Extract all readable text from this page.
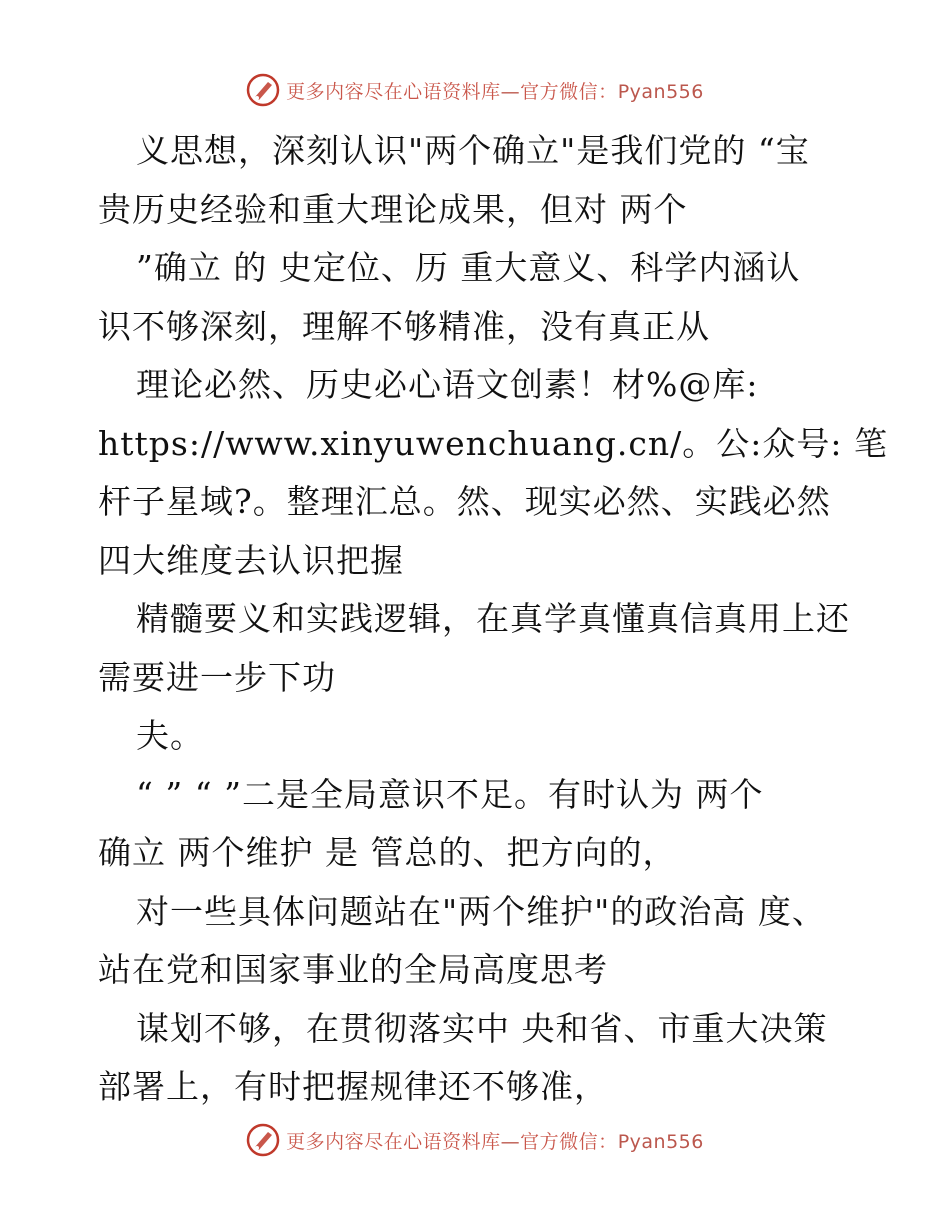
更多内容尽在心语资料库—官方微信：Pyan556
义思想，深刻认识"两个确立"是我们党的 “宝
贵历史经验和重大理论成果，但对 两个
”确立 的 史定位、历 重大意义、科学内涵认
识不够深刻，理解不够精准，没有真正从
理论必然、历史必心语文创素！材%@库:
https://www.xinyuwenchuang.cn/。公:众号: 笔
杆子星域?。整理汇总。然、现实必然、实践必然
四大维度去认识把握
精髓要义和实践逻辑，在真学真懂真信真用上还
需要进一步下功
夫。
“ ” “ ”二是全局意识不足。有时认为 两个
确立 两个维护 是 管总的、把方向的，
对一些具体问题站在"两个维护"的政治高 度、
站在党和国家事业的全局高度思考
谋划不够，在贯彻落实中 央和省、市重大决策
部署上，有时把握规律还不够准，
更多内容尽在心语资料库—官方微信：Pyan556
